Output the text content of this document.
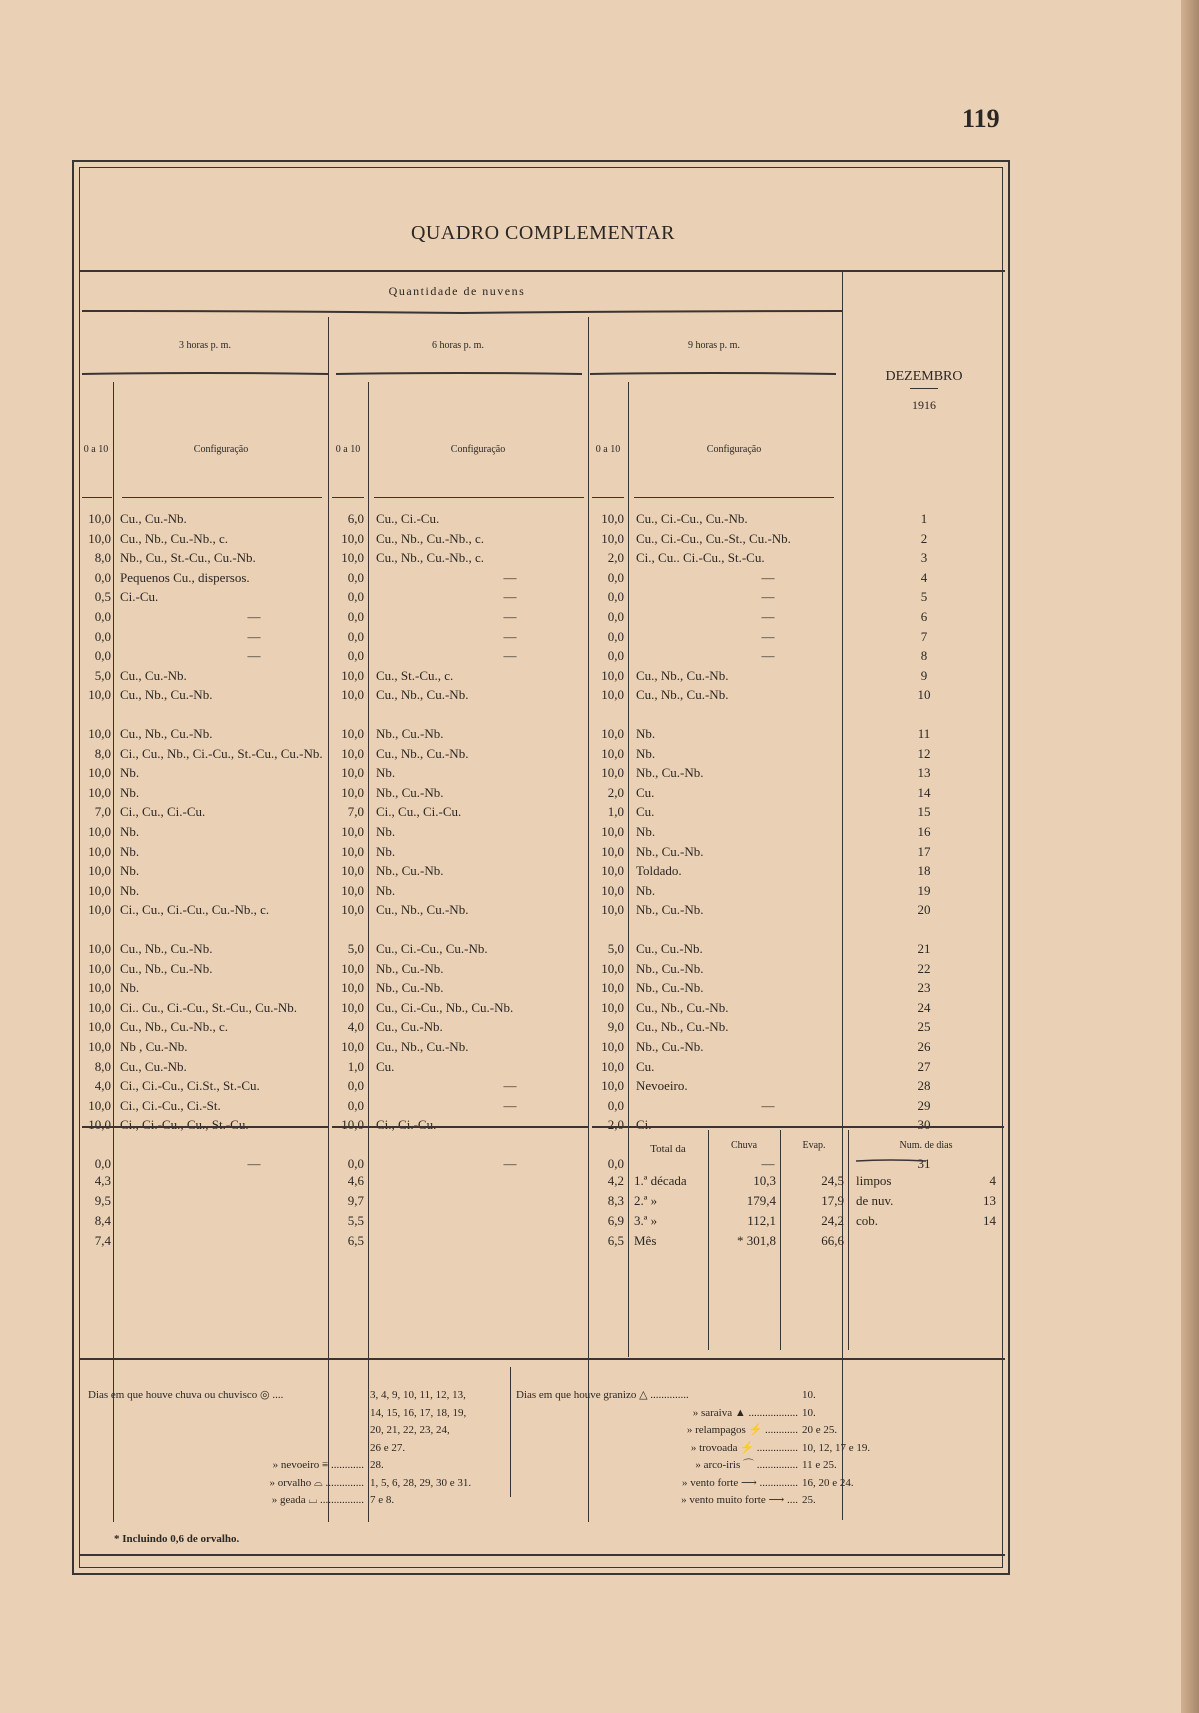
119
QUADRO COMPLEMENTAR
Quantidade de nuvens
3 horas p. m.	6 horas p. m.	9 horas p. m.
DEZEMBRO
1916
0 a 10	Configuração	0 a 10	Configuração	0 a 10	Configuração
10,0 Cu., Cu.-Nb.	6,0 Cu., Ci.-Cu.	10,0 Cu., Ci.-Cu., Cu.-Nb.	1
10,0 Cu., Nb., Cu.-Nb., c.	10,0 Cu., Nb., Cu.-Nb., c.	10,0 Cu., Ci.-Cu., Cu.-St., Cu.-Nb.	2
8,0 Nb., Cu., St.-Cu., Cu.-Nb.	10,0 Cu., Nb., Cu.-Nb., c.	2,0 Ci., Cu.. Ci.-Cu., St.-Cu.	3
0,0 Pequenos Cu., dispersos.	0,0	—	0,0	—	4
0,5 Ci.-Cu.	0,0	—	0,0	—	5
0,0	—	0,0	—	0,0	—	6
0,0	—	0,0	—	0,0	—	7
0,0	—	0,0	—	0,0	—	8
5,0 Cu., Cu.-Nb.	10,0 Cu., St.-Cu., c.	10,0 Cu., Nb., Cu.-Nb.	9
10,0 Cu., Nb., Cu.-Nb.	10,0 Cu., Nb., Cu.-Nb.	10,0 Cu., Nb., Cu.-Nb.	10
10,0 Cu., Nb., Cu.-Nb.	10,0 Nb., Cu.-Nb.	10,0 Nb.	11
8,0 Ci., Cu., Nb., Ci.-Cu., St.-Cu., Cu.-Nb.	10,0 Cu., Nb., Cu.-Nb.	10,0 Nb.	12
10,0 Nb.	10,0 Nb.	10,0 Nb., Cu.-Nb.	13
10,0 Nb.	10,0 Nb., Cu.-Nb.	2,0 Cu.	14
7,0 Ci., Cu., Ci.-Cu.	7,0 Ci., Cu., Ci.-Cu.	1,0 Cu.	15
10,0 Nb.	10,0 Nb.	10,0 Nb.	16
10,0 Nb.	10,0 Nb.	10,0 Nb., Cu.-Nb.	17
10,0 Nb.	10,0 Nb., Cu.-Nb.	10,0 Toldado.	18
10,0 Nb.	10,0 Nb.	10,0 Nb.	19
10,0 Ci., Cu., Ci.-Cu., Cu.-Nb., c.	10,0 Cu., Nb., Cu.-Nb.	10,0 Nb., Cu.-Nb.	20
10,0 Cu., Nb., Cu.-Nb.	5,0 Cu., Ci.-Cu., Cu.-Nb.	5,0 Cu., Cu.-Nb.	21
10,0 Cu., Nb., Cu.-Nb.	10,0 Nb., Cu.-Nb.	10,0 Nb., Cu.-Nb.	22
10,0 Nb.	10,0 Nb., Cu.-Nb.	10,0 Nb., Cu.-Nb.	23
10,0 Ci.. Cu., Ci.-Cu., St.-Cu., Cu.-Nb.	10,0 Cu., Ci.-Cu., Nb., Cu.-Nb.	10,0 Cu., Nb., Cu.-Nb.	24
10,0 Cu., Nb., Cu.-Nb., c.	4,0 Cu., Cu.-Nb.	9,0 Cu., Nb., Cu.-Nb.	25
10,0 Nb , Cu.-Nb.	10,0 Cu., Nb., Cu.-Nb.	10,0 Nb., Cu.-Nb.	26
8,0 Cu., Cu.-Nb.	1,0 Cu.	10,0 Cu.	27
4,0 Ci., Ci.-Cu., Ci.St., St.-Cu.	0,0	—	10,0 Nevoeiro.	28
10,0 Ci., Ci.-Cu., Ci.-St.	0,0	—	0,0	—	29
10,0 Ci., Ci.-Cu., Cu., St.-Cu.	10,0 Ci., Ci.-Cu.	2,0 Ci.	30
0,0	—	0,0	—	0,0	—	31
Total da	Chuva	Evap.	Num. de dias
4,3	4,6	4,2 1.ª década	10,3	24,5 limpos	4
9,5	9,7	8,3 2.ª »	179,4	17,9 de nuv.	13
8,4	5,5	6,9 3.ª »	112,1	24,2 cob.	14
7,4	6,5	6,5 Mês	* 301,8	66,6
Dias em que houve chuva ou chuvisco ◎ ....	3, 4, 9, 10, 11, 12, 13,
14, 15, 16, 17, 18, 19,
20, 21, 22, 23, 24,
26 e 27.
» nevoeiro ≡ ............ 28.
» orvalho ⌓ .............. 1, 5, 6, 28, 29, 30 e 31.
» geada ⌴ ................ 7 e 8.
Dias em que houve granizo △ ..............	10.
» saraiva ▲ .................. 10.
» relampagos ⚡ ............ 20 e 25.
» trovoada ⚡ ............... 10, 12, 17 e 19.
» arco-iris ⌒ ............... 11 e 25.
» vento forte ⟶ .............. 16, 20 e 24.
» vento muito forte ⟶ .... 25.
* Incluindo 0,6 de orvalho.
